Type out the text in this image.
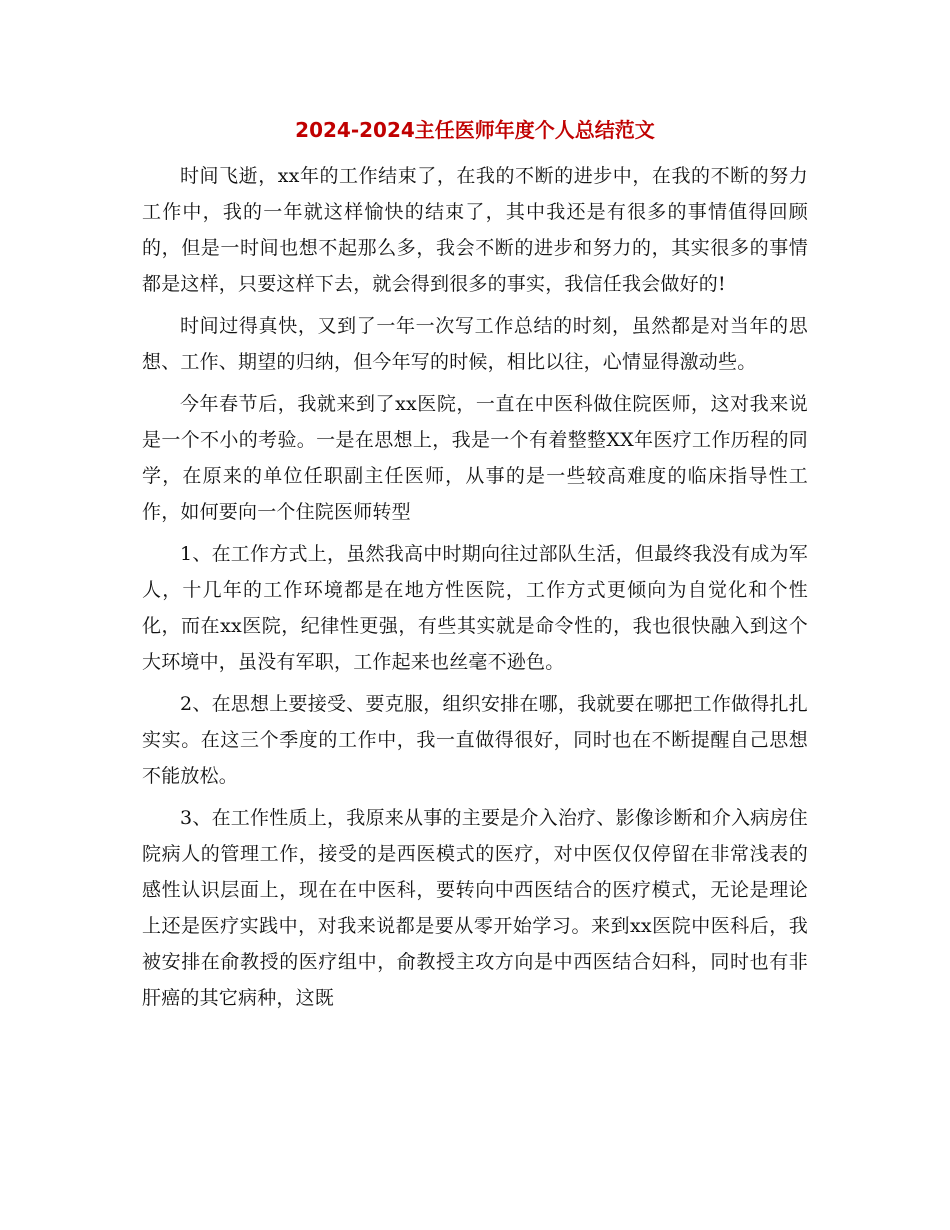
2024-2024主任医师年度个人总结范文

时间飞逝，xx年的工作结束了，在我的不断的进步中，在我的不断的努力工作中，我的一年就这样愉快的结束了，其中我还是有很多的事情值得回顾的，但是一时间也想不起那么多，我会不断的进步和努力的，其实很多的事情都是这样，只要这样下去，就会得到很多的事实，我信任我会做好的!

时间过得真快，又到了一年一次写工作总结的时刻，虽然都是对当年的思想、工作、期望的归纳，但今年写的时候，相比以往，心情显得激动些。

今年春节后，我就来到了xx医院，一直在中医科做住院医师，这对我来说是一个不小的考验。一是在思想上，我是一个有着整整XX年医疗工作历程的同学，在原来的单位任职副主任医师，从事的是一些较高难度的临床指导性工作，如何要向一个住院医师转型

1、在工作方式上，虽然我高中时期向往过部队生活，但最终我没有成为军人，十几年的工作环境都是在地方性医院，工作方式更倾向为自觉化和个性化，而在xx医院，纪律性更强，有些其实就是命令性的，我也很快融入到这个大环境中，虽没有军职，工作起来也丝毫不逊色。

2、在思想上要接受、要克服，组织安排在哪，我就要在哪把工作做得扎扎实实。在这三个季度的工作中，我一直做得很好，同时也在不断提醒自己思想不能放松。

3、在工作性质上，我原来从事的主要是介入治疗、影像诊断和介入病房住院病人的管理工作，接受的是西医模式的医疗，对中医仅仅停留在非常浅表的感性认识层面上，现在在中医科，要转向中西医结合的医疗模式，无论是理论上还是医疗实践中，对我来说都是要从零开始学习。来到xx医院中医科后，我被安排在俞教授的医疗组中，俞教授主攻方向是中西医结合妇科，同时也有非肝癌的其它病种，这既
